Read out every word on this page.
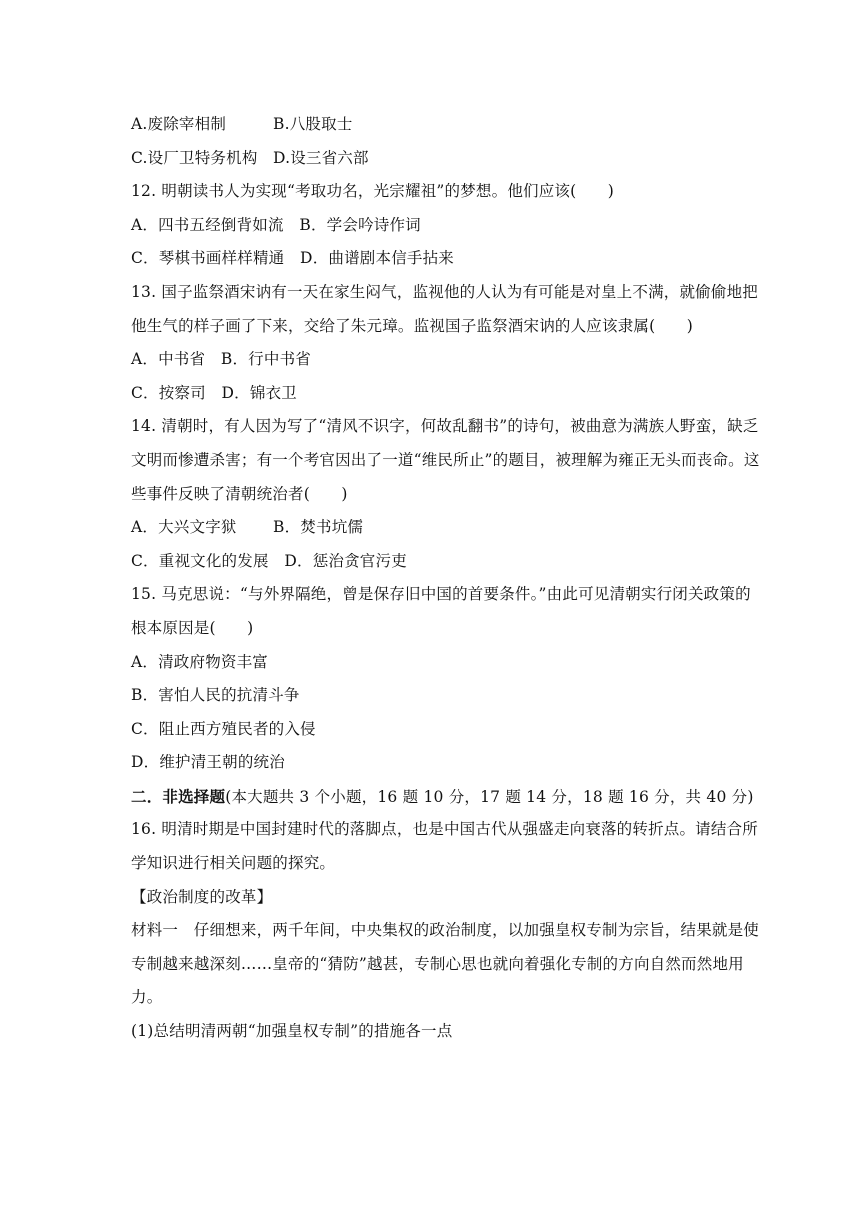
A.废除宰相制	B.八股取士
C.设厂卫特务机构 D.设三省六部
12. 明朝读书人为实现“考取功名，光宗耀祖”的梦想。他们应该(　　)
A．四书五经倒背如流　B．学会吟诗作词
C．琴棋书画样样精通　D．曲谱剧本信手拈来
13. 国子监祭酒宋讷有一天在家生闷气，监视他的人认为有可能是对皇上不满，就偷偷地把
他生气的样子画了下来，交给了朱元璋。监视国子监祭酒宋讷的人应该隶属(　　)
A．中书省　B．行中书省
C．按察司　D．锦衣卫
14. 清朝时，有人因为写了“清风不识字，何故乱翻书”的诗句，被曲意为满族人野蛮，缺乏
文明而惨遭杀害；有一个考官因出了一道“维民所止”的题目，被理解为雍正无头而丧命。这
些事件反映了清朝统治者(　　)
A．大兴文字狱 B．焚书坑儒
C．重视文化的发展　D．惩治贪官污吏
15. 马克思说：“与外界隔绝，曾是保存旧中国的首要条件。”由此可见清朝实行闭关政策的
根本原因是(　　)
A．清政府物资丰富
B．害怕人民的抗清斗争
C．阻止西方殖民者的入侵
D．维护清王朝的统治
二．非选择题(本大题共 3 个小题，16 题 10 分，17 题 14 分，18 题 16 分，共 40 分)
16. 明清时期是中国封建时代的落脚点，也是中国古代从强盛走向衰落的转折点。请结合所
学知识进行相关问题的探究。
【政治制度的改革】
材料一　仔细想来，两千年间，中央集权的政治制度，以加强皇权专制为宗旨，结果就是使
专制越来越深刻……皇帝的“猜防”越甚，专制心思也就向着强化专制的方向自然而然地用
力。
(1)总结明清两朝“加强皇权专制”的措施各一点
